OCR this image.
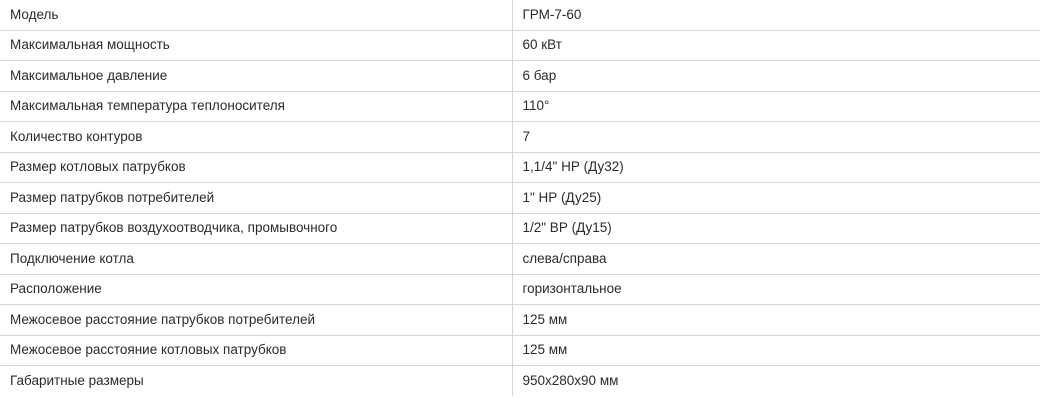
Модель	ГРМ-7-60
Максимальная мощность	60 кВт
Максимальное давление	6 бар
Максимальная температура теплоносителя	110°
Количество контуров	7
Размер котловых патрубков	1,1/4" НР (Ду32)
Размер патрубков потребителей	1" НР (Ду25)
Размер патрубков воздухоотводчика, промывочного	1/2" ВР (Ду15)
Подключение котла	слева/справа
Расположение	горизонтальное
Межосевое расстояние патрубков потребителей	125 мм
Межосевое расстояние котловых патрубков	125 мм
Габаритные размеры	950х280х90 мм
